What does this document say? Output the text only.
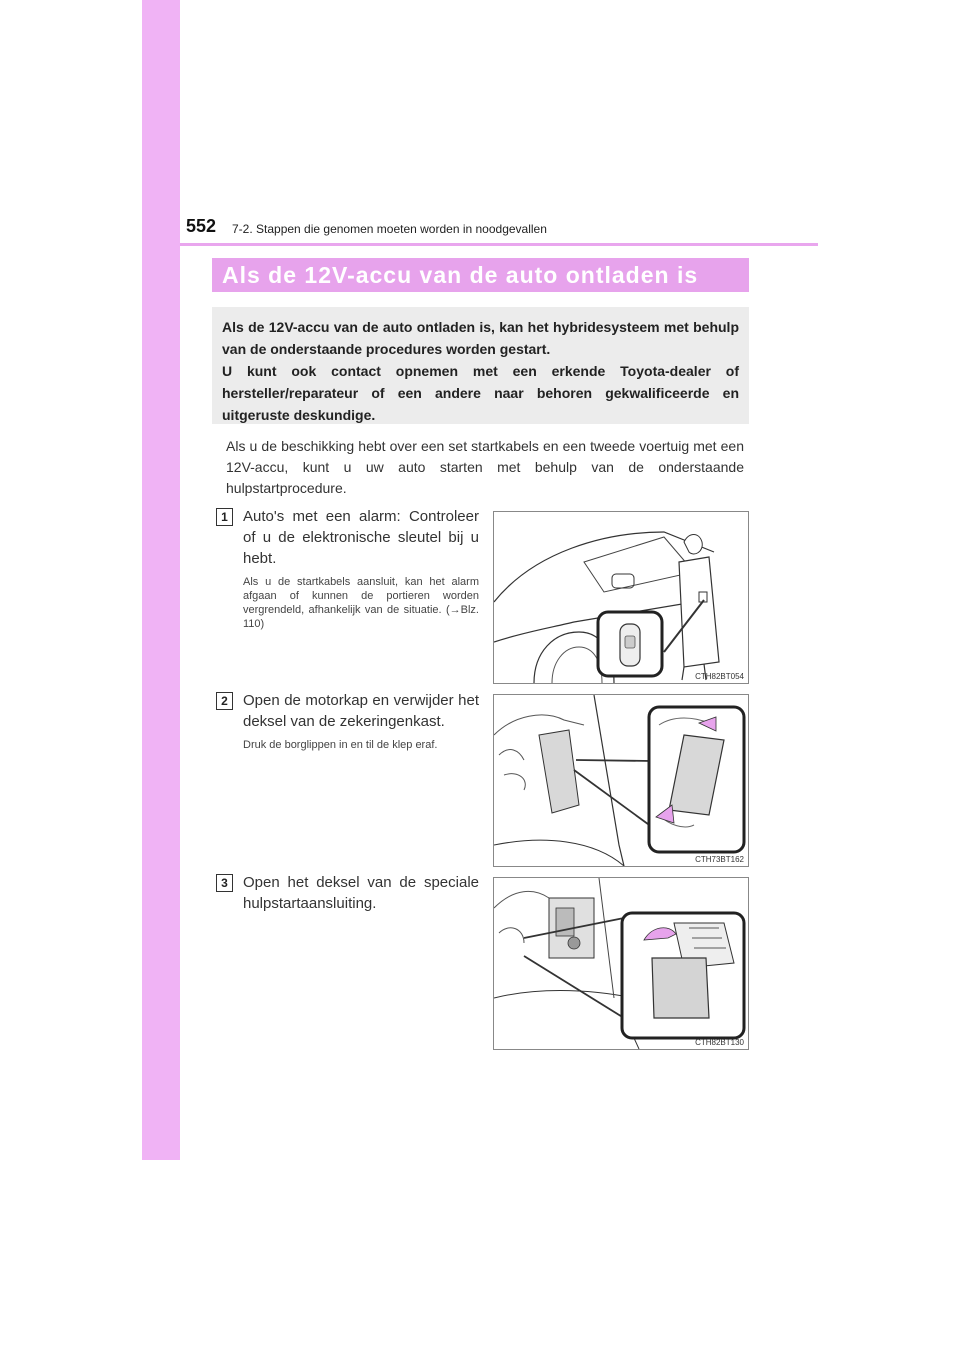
552 7-2. Stappen die genomen moeten worden in noodgevallen
Als de 12V-accu van de auto ontladen is

Als de 12V-accu van de auto ontladen is, kan het hybridesysteem met behulp van de onderstaande procedures worden gestart.

U kunt ook contact opnemen met een erkende Toyota-dealer of hersteller/reparateur of een andere naar behoren gekwalificeerde en uitgeruste deskundige.

Als u de beschikking hebt over een set startkabels en een tweede voertuig met een 12V-accu, kunt u uw auto starten met behulp van de onderstaande hulpstartprocedure.

1	Auto's met een alarm: Controleer of u de elektronische sleutel bij u hebt.

Als u de startkabels aansluit, kan het alarm afgaan of kunnen de portieren worden vergrendeld, afhankelijk van de situatie. (→Blz. 110)

CTH82BT054
2	Open de motorkap en verwijder het deksel van de zekeringenkast.

Druk de borglippen in en til de klep eraf.

CTH73BT162
3	Open het deksel van de speciale hulpstartaansluiting.

CTH82BT130
